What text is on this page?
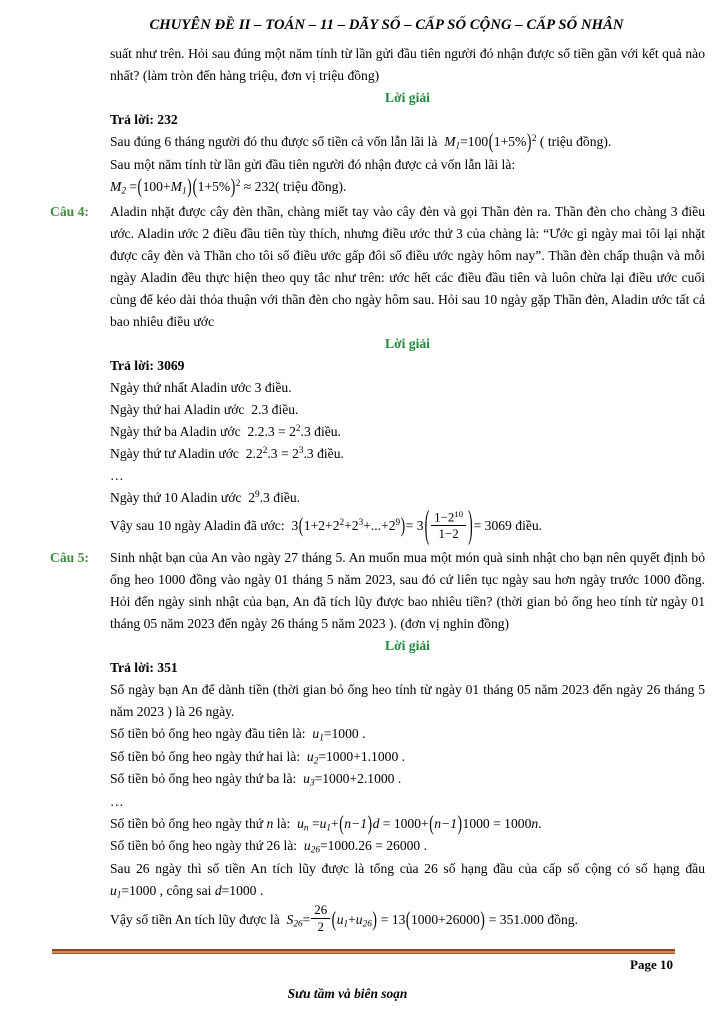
CHUYÊN ĐỀ II – TOÁN – 11 – DÃY SỐ – CẤP SỐ CỘNG – CẤP SỐ NHÂN

suất như trên. Hỏi sau đúng một năm tính từ lần gửi đầu tiên người đó nhận được số tiền gần với kết quả nào nhất? (làm tròn đến hàng triệu, đơn vị triệu đồng)

Lời giải

Trả lời: 232

Sau đúng 6 tháng người đó thu được số tiền cả vốn lẫn lãi là $M_1=100(1+5\%)^2$ ( triệu đồng).

Sau một năm tính từ lần gửi đầu tiên người đó nhận được cả vốn lẫn lãi là:

$M_2 =(100+M_1)(1+5\%)^2 \approx 232$( triệu đồng).

Câu 4:	Aladin nhặt được cây đèn thần, chàng miết tay vào cây đèn và gọi Thần đèn ra. Thần đèn cho chàng 3 điều ước. Aladin ước 2 điều đầu tiên tùy thích, nhưng điều ước thứ 3 của chàng là: “Ước gì ngày mai tôi lại nhặt được cây đèn và Thần cho tôi số điều ước gấp đôi số điều ước ngày hôm nay”. Thần đèn chấp thuận và mỗi ngày Aladin đều thực hiện theo quy tắc như trên: ước hết các điều đầu tiên và luôn chừa lại điều ước cuối cùng để kéo dài thỏa thuận với thần đèn cho ngày hôm sau. Hỏi sau 10 ngày gặp Thần đèn, Aladin ước tất cả bao nhiêu điều ước

Lời giải

Trả lời: 3069

Ngày thứ nhất Aladin ước 3 điều.

Ngày thứ hai Aladin ước 2.3 điều.

Ngày thứ ba Aladin ước $2.2.3 = 2^2.3$ điều.

Ngày thứ tư Aladin ước $2.2^2.3 = 2^3.3$ điều.

…

Ngày thứ 10 Aladin ước $2^9.3$ điều.

Vậy sau 10 ngày Aladin đã ước: $3(1+2+2^2+2^3+...+2^9)= 3( \frac{1-2^{10}}{1-2}$ )= 3069 điều.

Câu 5:	Sinh nhật bạn của An vào ngày 27 tháng 5. An muốn mua một món quà sinh nhật cho bạn nên quyết định bỏ ống heo 1000 đồng vào ngày 01 tháng 5 năm 2023, sau đó cứ liên tục ngày sau hơn ngày trước 1000 đồng. Hỏi đến ngày sinh nhật của bạn, An đã tích lũy được bao nhiêu tiền? (thời gian bỏ ống heo tính từ ngày 01 tháng 05 năm 2023 đến ngày 26 tháng 5 năm 2023 ). (đơn vị nghin đồng)

Lời giải

Trả lời: 351

Số ngày bạn An để dành tiền (thời gian bỏ ống heo tính từ ngày 01 tháng 05 năm 2023 đến ngày 26 tháng 5 năm 2023 ) là 26 ngày.

Số tiền bỏ ống heo ngày đầu tiên là: $u_1=1000$ .

Số tiền bỏ ống heo ngày thứ hai là: $u_2=1000+1.1000$ .

Số tiền bỏ ống heo ngày thứ ba là: $u_3=1000+2.1000$ .

…

Số tiền bỏ ống heo ngày thứ n là: $u_n =u_1+(n-1)d = 1000+(n-1)1000 = 1000n$.

Số tiền bỏ ống heo ngày thứ 26 là: $u_{26}=1000.26 = 26000$ .

Sau 26 ngày thì số tiền An tích lũy được là tổng của 26 số hạng đầu của cấp số cộng có số hạng đầu $u_1=1000$ , công sai d=1000 .

Vậy số tiền An tích lũy được là $S_{26}= \frac{26}{2} (u_1+u_{26}) = 13(1000+26000) = 351.000$ đồng.

Page 10
Sưu tầm và biên soạn
